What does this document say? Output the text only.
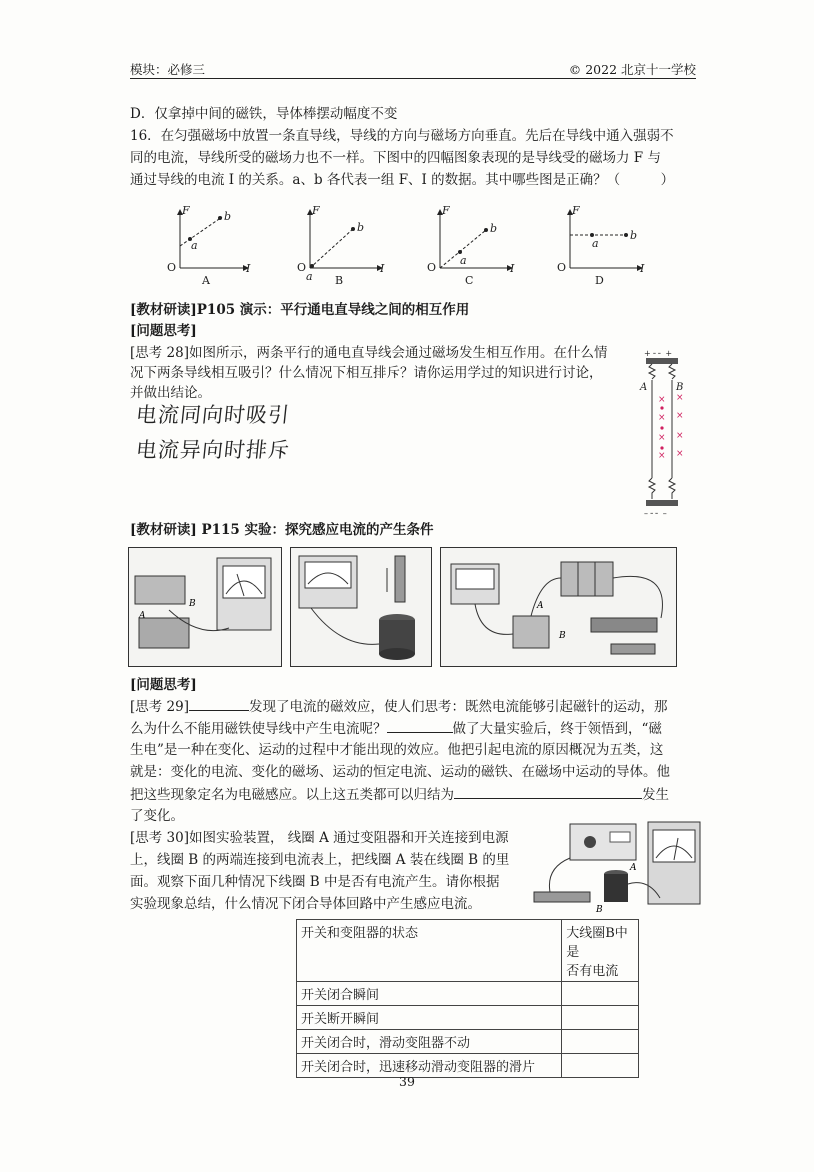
模块：必修三	© 2022 北京十一学校
D．仅拿掉中间的磁铁，导体棒摆动幅度不变
16．在匀强磁场中放置一条直导线，导线的方向与磁场方向垂直。先后在导线中通入强弱不
同的电流，导线所受的磁场力也不一样。下图中的四幅图象表现的是导线受的磁场力 F 与
通过导线的电流 I 的关系。a、b 各代表一组 F、I 的数据。其中哪些图是正确？（　　　）
F
I
O
a
b
A
F
I
O
a
b
B
F
I
O
a
b
C
F
I
O
a
b
D
[教材研读]P105 演示：平行通电直导线之间的相互作用
[问题思考]
[思考 28]如图所示，两条平行的通电直导线会通过磁场发生相互作用。在什么情
况下两条导线相互吸引？什么情况下相互排斥？请你运用学过的知识进行讨论，
并做出结论。
电流同向时吸引
电流异向时排斥
+ ╴╴ +
– ╴╴ –
A	B
× ×
× ×
× ×
× ×
[教材研读] P115 实验：探究感应电流的产生条件
B
A
A
B
[问题思考]
[思考 29]	发现了电流的磁效应，使人们思考：既然电流能够引起磁针的运动，那
么为什么不能用磁铁使导线中产生电流呢？	做了大量实验后，终于领悟到，“磁
生电”是一种在变化、运动的过程中才能出现的效应。他把引起电流的原因概况为五类，这
就是：变化的电流、变化的磁场、运动的恒定电流、运动的磁铁、在磁场中运动的导体。他
把这些现象定名为电磁感应。以上这五类都可以归结为	发生
了变化。
[思考 30]如图实验装置， 线圈 A 通过变阻器和开关连接到电源
上，线圈 B 的两端连接到电流表上，把线圈 A 装在线圈 B 的里
面。观察下面几种情况下线圈 B 中是否有电流产生。请你根据
实验现象总结，什么情况下闭合导体回路中产生感应电流。
A
B
开关和变阻器的状态	大线圈B中是
否有电流

开关闭合瞬间	
开关断开瞬间	
开关闭合时，滑动变阻器不动	
开关闭合时，迅速移动滑动变阻器的滑片	
39
